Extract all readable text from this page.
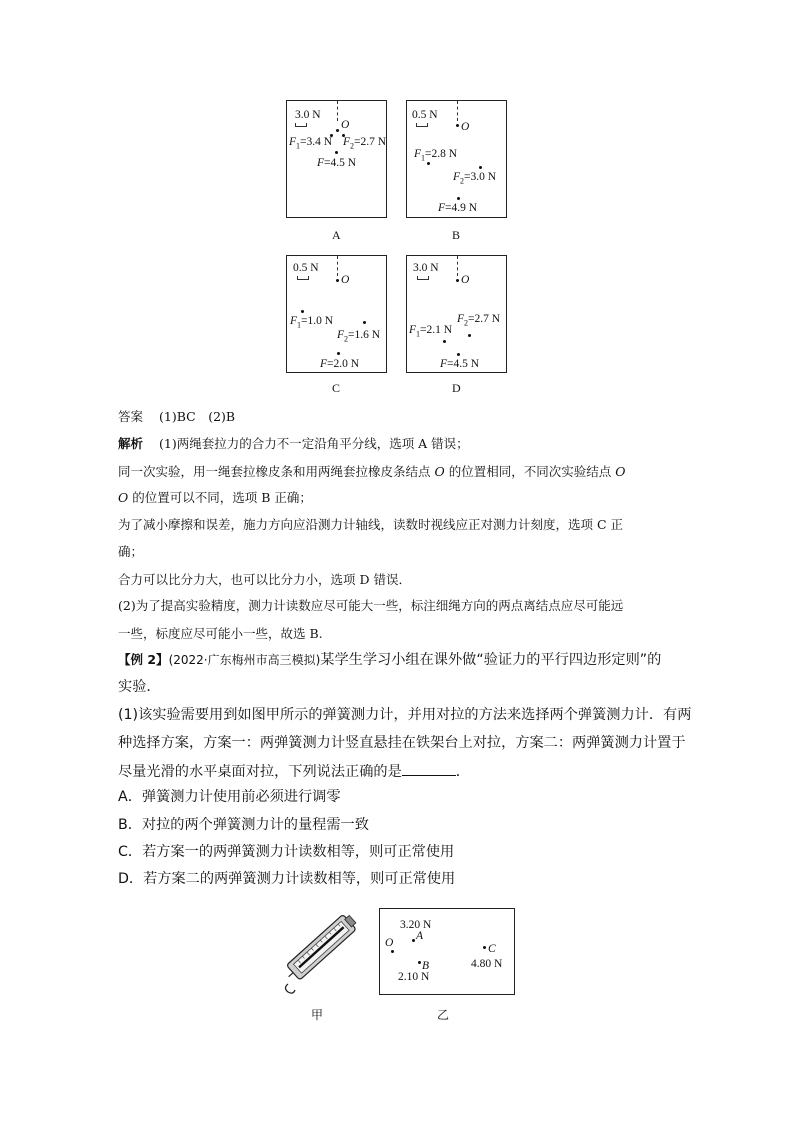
3.0 N
O
$F_1=3.4$ N $F_2=2.7$ N
F=4.5 N
A
0.5 N
O
$F_1=2.8$ N
$F_2=3.0$ N
F=4.9 N
B
0.5 N
O
$F_1=1.0$ N
$F_2=1.6$ N
F=2.0 N
C
3.0 N
O
$F_2=2.7$ N
$F_1=2.1$ N
F=4.5 N
D
答案 (1)BC　(2)B
解析 (1)两绳套拉力的合力不一定沿角平分线，选项 A 错误；
同一次实验，用一绳套拉橡皮条和用两绳套拉橡皮条结点 O 的位置相同，不同次实验结点 O
O 的位置可以不同，选项 B 正确；
为了减小摩擦和误差，施力方向应沿测力计轴线，读数时视线应正对测力计刻度，选项 C 正
确；
合力可以比分力大，也可以比分力小，选项 D 错误．
(2)为了提高实验精度，测力计读数应尽可能大一些，标注细绳方向的两点离结点应尽可能远
一些，标度应尽可能小一些，故选 B.
【例 2】(2022·广东梅州市高三模拟)某学生学习小组在课外做“验证力的平行四边形定则”的
实验．
(1)该实验需要用到如图甲所示的弹簧测力计，并用对拉的方法来选择两个弹簧测力计．有两
种选择方案，方案一：两弹簧测力计竖直悬挂在铁架台上对拉，方案二：两弹簧测力计置于
尽量光滑的水平桌面对拉，下列说法正确的是	．
A．弹簧测力计使用前必须进行调零
B．对拉的两个弹簧测力计的量程需一致
C．若方案一的两弹簧测力计读数相等，则可正常使用
D．若方案二的两弹簧测力计读数相等，则可正常使用
甲
3.20 N
A
O	C
4.80 N
B
2.10 N
乙
